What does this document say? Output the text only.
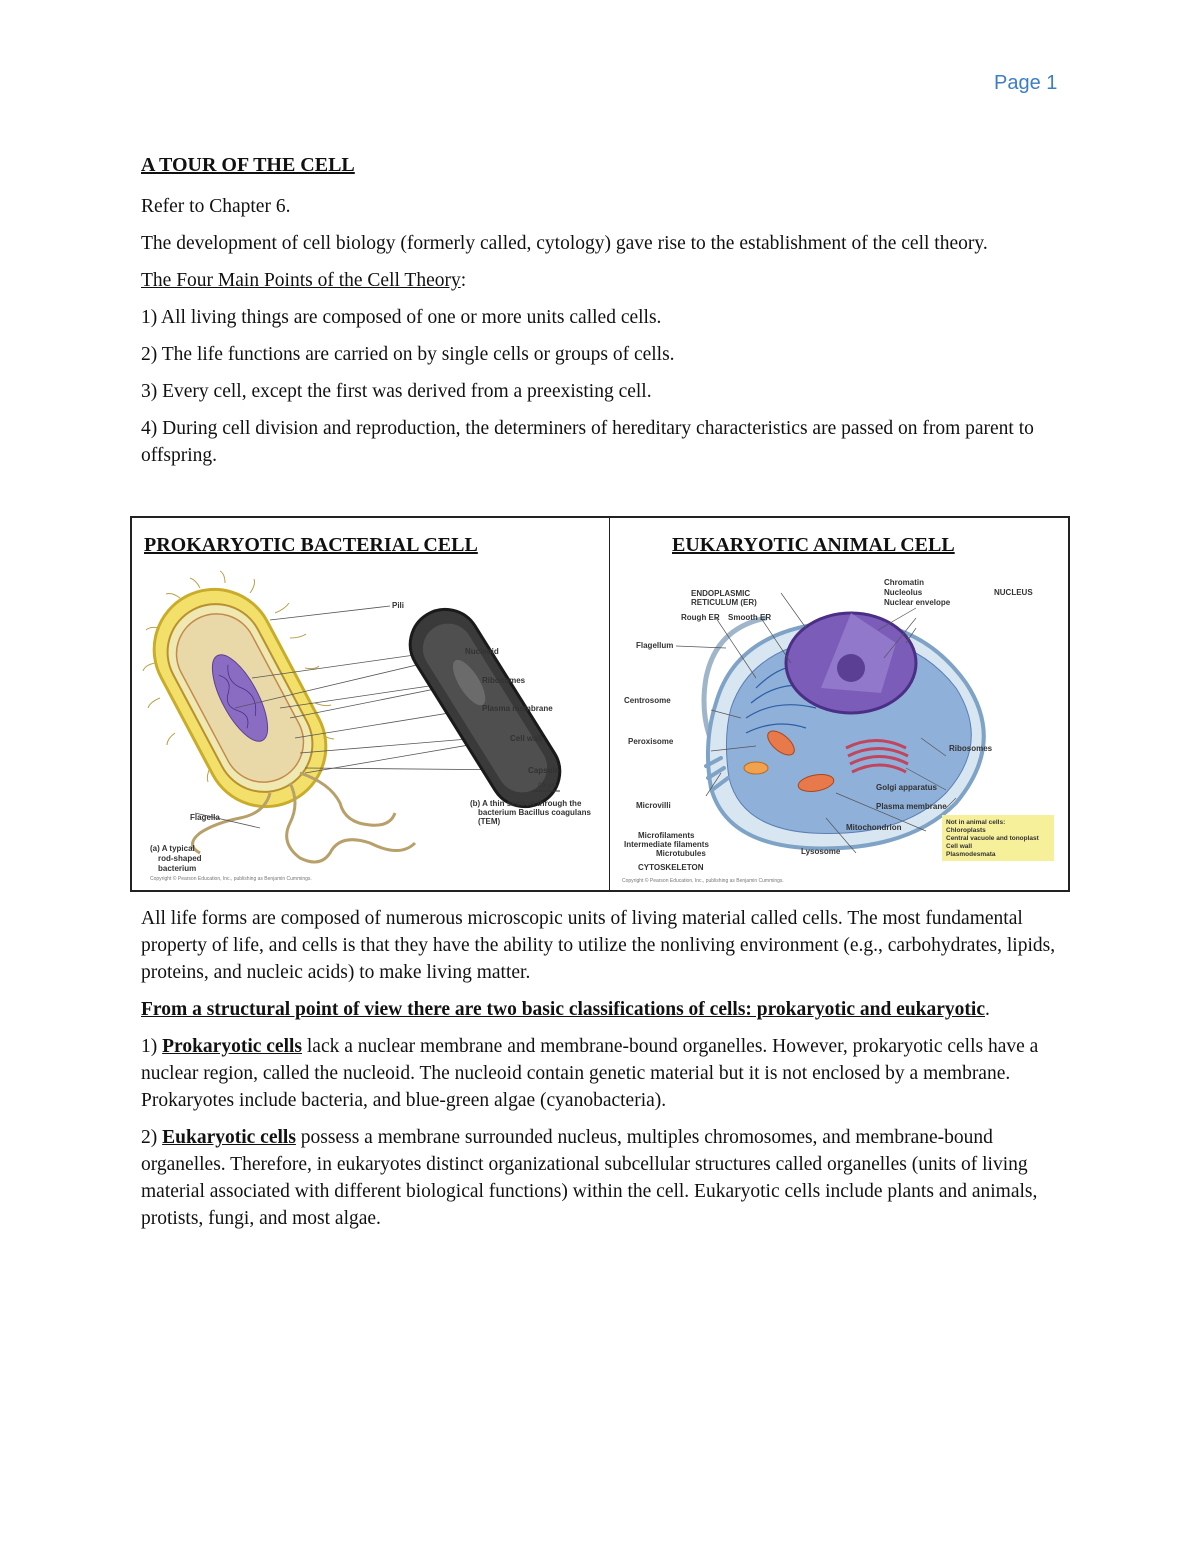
Page 1
A TOUR OF THE CELL

Refer to Chapter 6.

The development of cell biology (formerly called, cytology) gave rise to the establishment of the cell theory.

The Four Main Points of the Cell Theory:

1) All living things are composed of one or more units called cells.

2) The life functions are carried on by single cells or groups of cells.

3) Every cell, except the first was derived from a preexisting cell.

4) During cell division and reproduction, the determiners of hereditary characteristics are passed on from parent to offspring.

PROKARYOTIC BACTERIAL CELL	EUKARYOTIC ANIMAL CELL
Pili
Nucleoid
Ribosomes
Plasma membrane
Cell wall
Capsule
Flagella
0.5 µm
(a) A typical
rod-shaped
bacterium
(b) A thin section through the
bacterium Bacillus coagulans
(TEM)
Copyright © Pearson Education, Inc., publishing as Benjamin Cummings.
ENDOPLASMIC
RETICULUM (ER)
Rough ER Smooth ER
Flagellum
Centrosome
Peroxisome
Microvilli
Microfilaments
Intermediate filaments
Microtubules
CYTOSKELETON
Chromatin
Nucleolus
Nuclear envelope
NUCLEUS
Ribosomes
Golgi apparatus
Plasma membrane
Mitochondrion
Lysosome
Not in animal cells:
Chloroplasts
Central vacuole and tonoplast
Cell wall
Plasmodesmata
Copyright © Pearson Education, Inc., publishing as Benjamin Cummings.

All life forms are composed of numerous microscopic units of living material called cells. The most fundamental property of life, and cells is that they have the ability to utilize the nonliving environment (e.g., carbohydrates, lipids, proteins, and nucleic acids) to make living matter.

From a structural point of view there are two basic classifications of cells: prokaryotic and eukaryotic.

1) Prokaryotic cells lack a nuclear membrane and membrane-bound organelles. However, prokaryotic cells have a nuclear region, called the nucleoid. The nucleoid contain genetic material but it is not enclosed by a membrane. Prokaryotes include bacteria, and blue-green algae (cyanobacteria).

2) Eukaryotic cells possess a membrane surrounded nucleus, multiples chromosomes, and membrane-bound organelles. Therefore, in eukaryotes distinct organizational subcellular structures called organelles (units of living material associated with different biological functions) within the cell. Eukaryotic cells include plants and animals, protists, fungi, and most algae.
